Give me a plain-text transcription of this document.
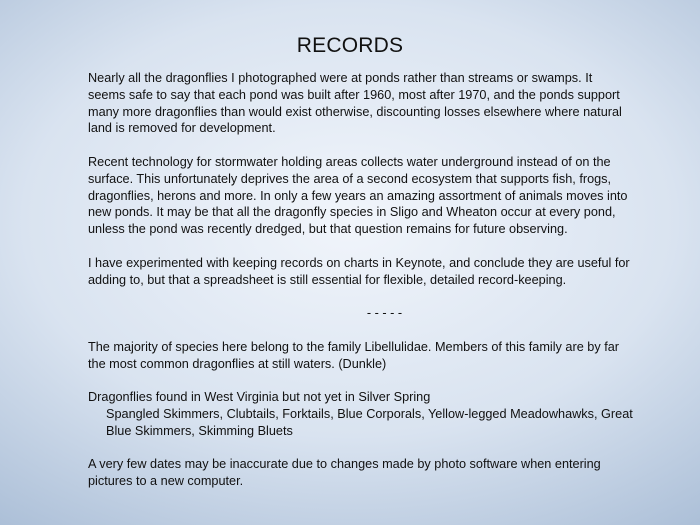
RECORDS

Nearly all the dragonflies I photographed were at ponds rather than streams or swamps. It seems safe to say that each pond was built after 1960, most after 1970, and the ponds support many more dragonflies than would exist otherwise, discounting losses elsewhere where natural land is removed for development.

Recent technology for stormwater holding areas collects water underground instead of on the surface. This unfortunately deprives the area of a second ecosystem that supports fish, frogs, dragonflies, herons and more. In only a few years an amazing assortment of animals moves into new ponds. It may be that all the dragonfly species in Sligo and Wheaton occur at every pond, unless the pond was recently dredged, but that question remains for future observing.

I have experimented with keeping records on charts in Keynote, and conclude they are useful for adding to, but that a spreadsheet is still essential for flexible, detailed record-keeping.

- - - - -

The majority of species here belong to the family Libellulidae. Members of this family are by far the most common dragonflies at still waters. (Dunkle)

Dragonflies found in West Virginia but not yet in Silver Spring
Spangled Skimmers, Clubtails, Forktails, Blue Corporals, Yellow-legged Meadowhawks, Great Blue Skimmers, Skimming Bluets

A very few dates may be inaccurate due to changes made by photo software when entering pictures to a new computer.
